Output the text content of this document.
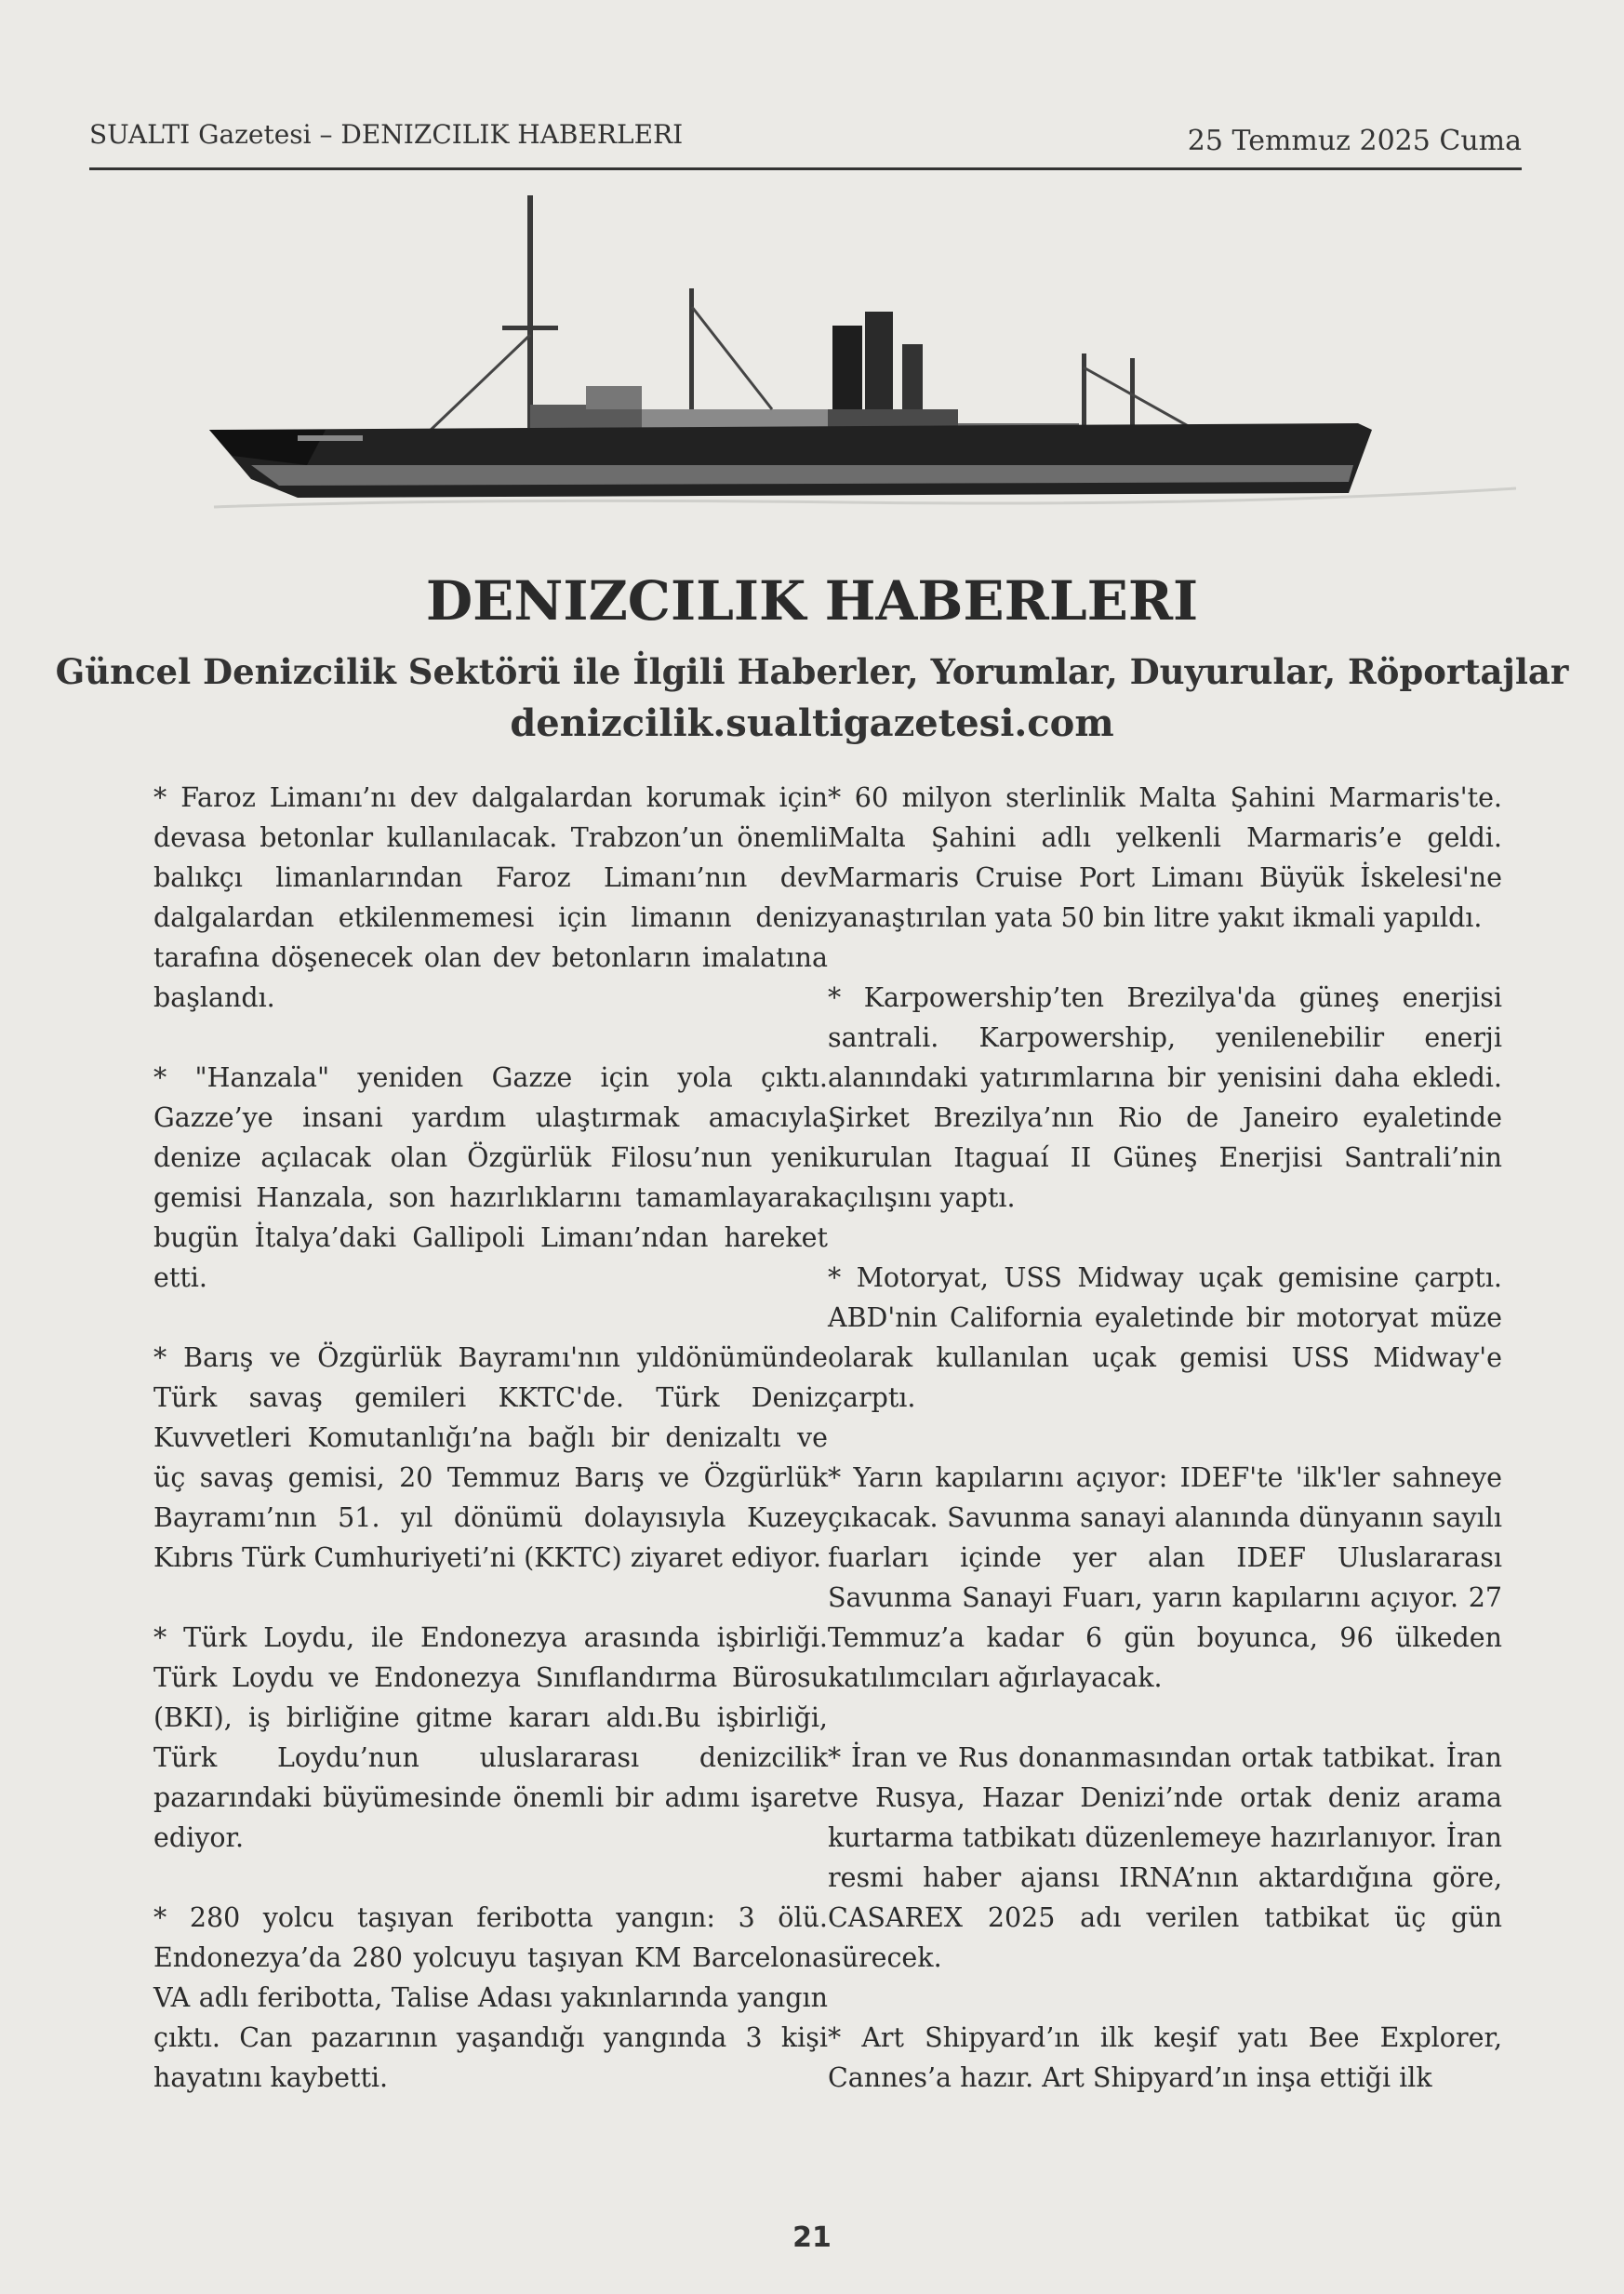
SUALTI Gazetesi – DENIZCILIK HABERLERI	25 Temmuz 2025 Cuma
DENIZCILIK HABERLERI
Güncel Denizcilik Sektörü ile İlgili Haberler, Yorumlar, Duyurular, Röportajlar
denizcilik.sualtigazetesi.com

* Faroz Limanı’nı dev dalgalardan korumak için devasa betonlar kullanılacak. Trabzon’un önemli balıkçı limanlarından Faroz Limanı’nın dev dalgalardan etkilenmemesi için limanın deniz tarafına döşenecek olan dev betonların imalatına başlandı.

* "Hanzala" yeniden Gazze için yola çıktı. Gazze’ye insani yardım ulaştırmak amacıyla denize açılacak olan Özgürlük Filosu’nun yeni gemisi Hanzala, son hazırlıklarını tamamlayarak bugün İtalya’daki Gallipoli Limanı’ndan hareket etti.

* Barış ve Özgürlük Bayramı'nın yıldönümünde Türk savaş gemileri KKTC'de. Türk Deniz Kuvvetleri Komutanlığı’na bağlı bir denizaltı ve üç savaş gemisi, 20 Temmuz Barış ve Özgürlük Bayramı’nın 51. yıl dönümü dolayısıyla Kuzey Kıbrıs Türk Cumhuriyeti’ni (KKTC) ziyaret ediyor.

* Türk Loydu, ile Endonezya arasında işbirliği. Türk Loydu ve Endonezya Sınıflandırma Bürosu (BKI), iş birliğine gitme kararı aldı.Bu işbirliği, Türk Loydu’nun uluslararası denizcilik pazarındaki büyümesinde önemli bir adımı işaret ediyor.

* 280 yolcu taşıyan feribotta yangın: 3 ölü. Endonezya’da 280 yolcuyu taşıyan KM Barcelona VA adlı feribotta, Talise Adası yakınlarında yangın çıktı. Can pazarının yaşandığı yangında 3 kişi hayatını kaybetti.

* 60 milyon sterlinlik Malta Şahini Marmaris'te. Malta Şahini adlı yelkenli Marmaris’e geldi. Marmaris Cruise Port Limanı Büyük İskelesi'ne yanaştırılan yata 50 bin litre yakıt ikmali yapıldı.

* Karpowership’ten Brezilya'da güneş enerjisi santrali. Karpowership, yenilenebilir enerji alanındaki yatırımlarına bir yenisini daha ekledi. Şirket Brezilya’nın Rio de Janeiro eyaletinde kurulan Itaguaí II Güneş Enerjisi Santrali’nin açılışını yaptı.

* Motoryat, USS Midway uçak gemisine çarptı. ABD'nin California eyaletinde bir motoryat müze olarak kullanılan uçak gemisi USS Midway'e çarptı.

* Yarın kapılarını açıyor: IDEF'te 'ilk'ler sahneye çıkacak. Savunma sanayi alanında dünyanın sayılı fuarları içinde yer alan IDEF Uluslararası Savunma Sanayi Fuarı, yarın kapılarını açıyor. 27 Temmuz’a kadar 6 gün boyunca, 96 ülkeden katılımcıları ağırlayacak.

* İran ve Rus donanmasından ortak tatbikat. İran ve Rusya, Hazar Denizi’nde ortak deniz arama kurtarma tatbikatı düzenlemeye hazırlanıyor. İran resmi haber ajansı IRNA’nın aktardığına göre, CASAREX 2025 adı verilen tatbikat üç gün sürecek.

* Art Shipyard’ın ilk keşif yatı Bee Explorer, Cannes’a hazır. Art Shipyard’ın inşa ettiği ilk

21
